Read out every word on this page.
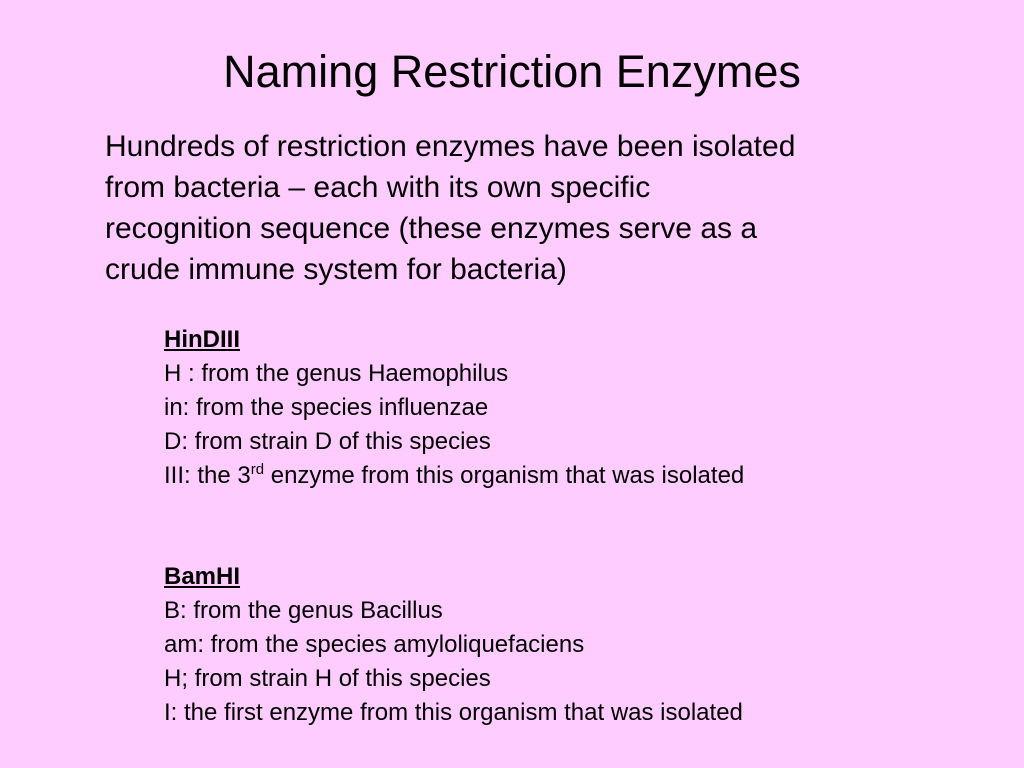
Naming Restriction Enzymes
Hundreds of restriction enzymes have been isolated
from bacteria – each with its own specific
recognition sequence (these enzymes serve as a
crude immune system for bacteria)
HinDIII
H : from the genus Haemophilus
in: from the species influenzae
D: from strain D of this species
III: the 3rd enzyme from this organism that was isolated
BamHI
B: from the genus Bacillus
am: from the species amyloliquefaciens
H; from strain H of this species
I: the first enzyme from this organism that was isolated
